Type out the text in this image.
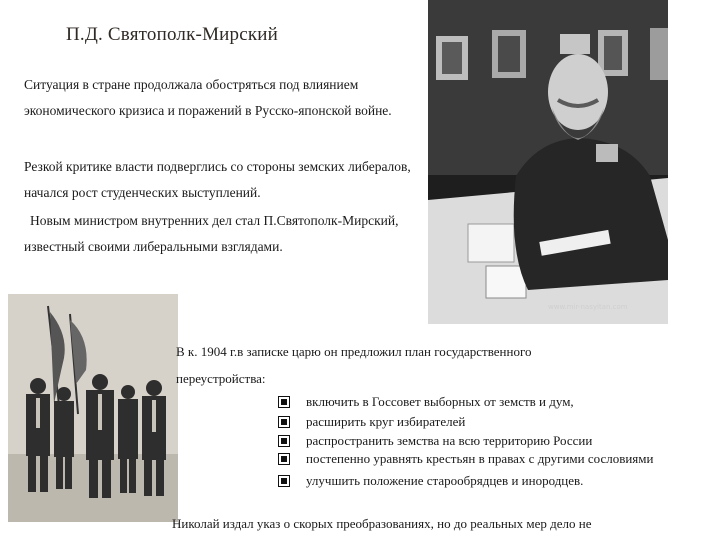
П.Д. Святополк-Мирский

Ситуация в стране продолжала обостряться под влиянием экономического кризиса и поражений в Русско-японской войне.

Резкой критике власти подверглись со стороны земских либералов, начался рост студенческих выступлений.

Новым министром внутренних дел стал П.Святополк-Мирский, известный своими либеральными взглядами.

www.mir-nasyitan.com

В к. 1904 г.в записке царю он предложил план государственного

переустройства:

включить в Госсовет выборных от земств и дум,
расширить круг избирателей
распространить земства на всю территорию России
постепенно уравнять крестьян в правах с другими сословиями
улучшить положение старообрядцев и инородцев.

Николай издал указ о скорых преобразованиях, но до реальных мер дело не
